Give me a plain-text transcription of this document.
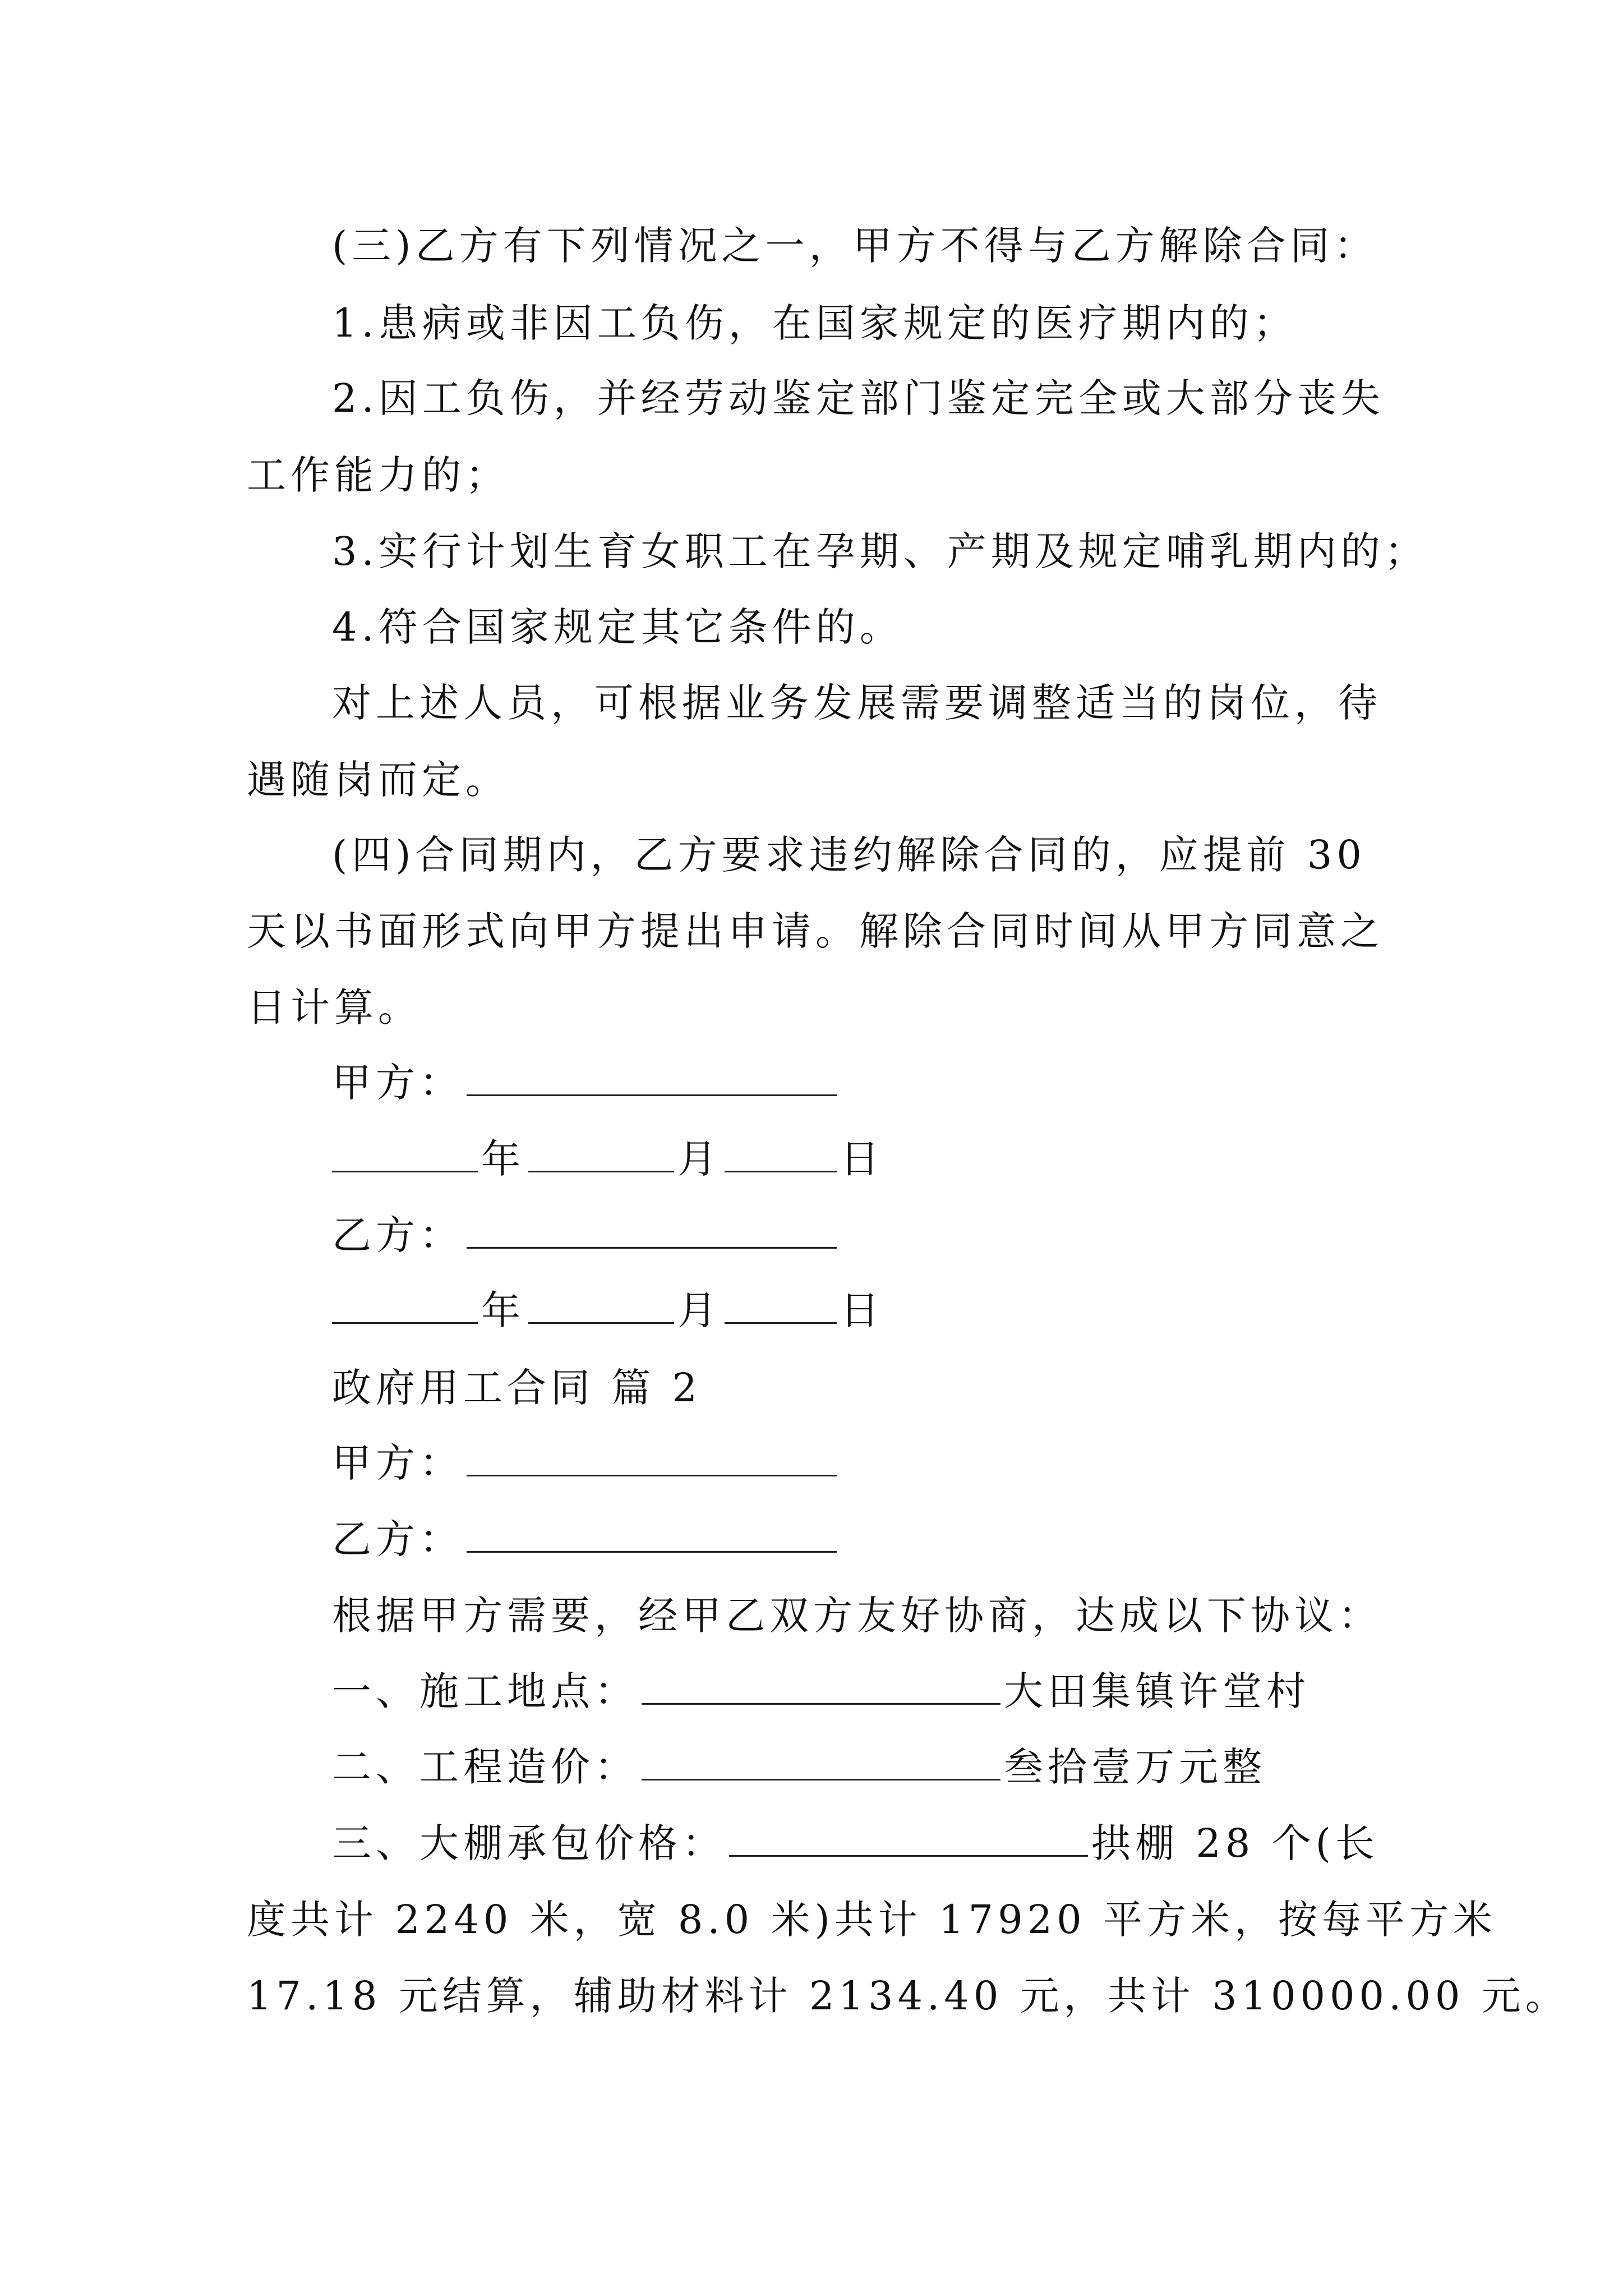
(三)乙方有下列情况之一，甲方不得与乙方解除合同：
1.患病或非因工负伤，在国家规定的医疗期内的；
2.因工负伤，并经劳动鉴定部门鉴定完全或大部分丧失
工作能力的；
3.实行计划生育女职工在孕期、产期及规定哺乳期内的；
4.符合国家规定其它条件的。
对上述人员，可根据业务发展需要调整适当的岗位，待
遇随岗而定。
(四)合同期内，乙方要求违约解除合同的，应提前 30
天以书面形式向甲方提出申请。解除合同时间从甲方同意之
日计算。
甲方：
年	月	日
乙方：
年	月	日
政府用工合同 篇 2
甲方：
乙方：
根据甲方需要，经甲乙双方友好协商，达成以下协议：
一、施工地点：	大田集镇许堂村
二、工程造价：	叁拾壹万元整
三、大棚承包价格：	拱棚 28 个(长
度共计 2240 米，宽 8.0 米)共计 17920 平方米，按每平方米
17.18 元结算，辅助材料计 2134.40 元，共计 310000.00 元。
